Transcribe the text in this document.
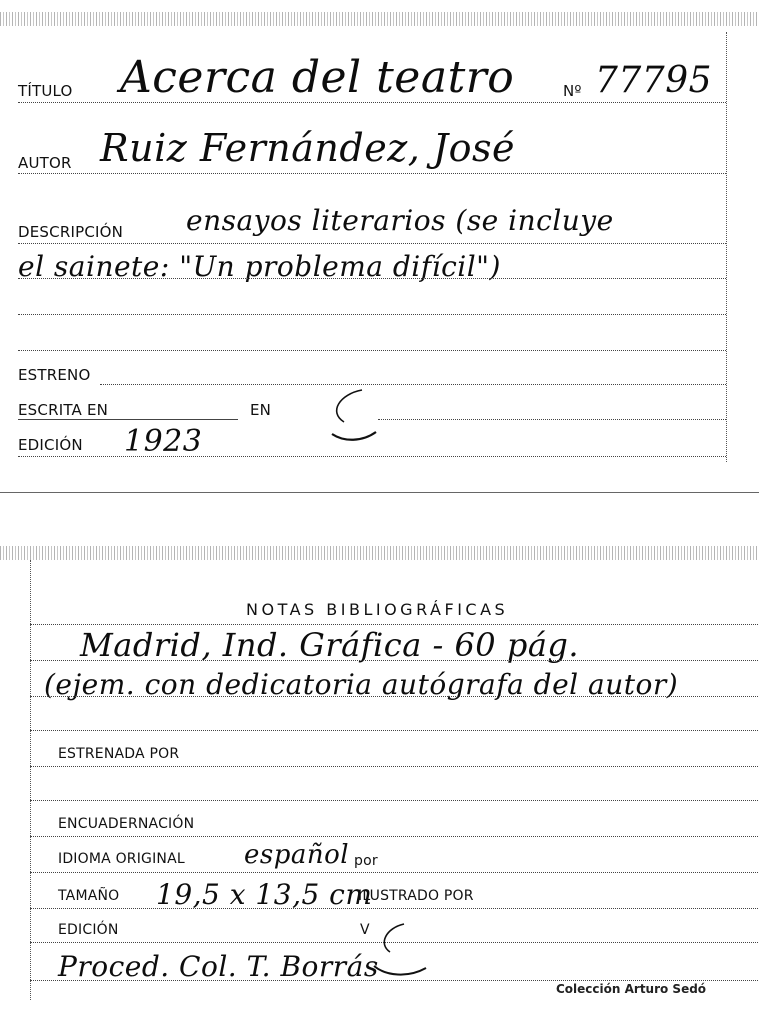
TÍTULO Acerca del teatro	Nº 77795
AUTOR Ruiz Fernández, José
DESCRIPCIÓN ensayos literarios (se incluye
el sainete: "Un problema difícil")
ESTRENO
ESCRITA EN	EN
EDICIÓN 1923
NOTAS BIBLIOGRÁFICAS
Madrid, Ind. Gráfica - 60 pág.
(ejem. con dedicatoria autógrafa del autor)
ESTRENADA POR
ENCUADERNACIÓN
IDIOMA ORIGINAL español por
TAMAÑO 19,5 x 13,5 cm
ILUSTRADO POR
EDICIÓN	V
Proced. Col. T. Borrás
Colección Arturo Sedó
